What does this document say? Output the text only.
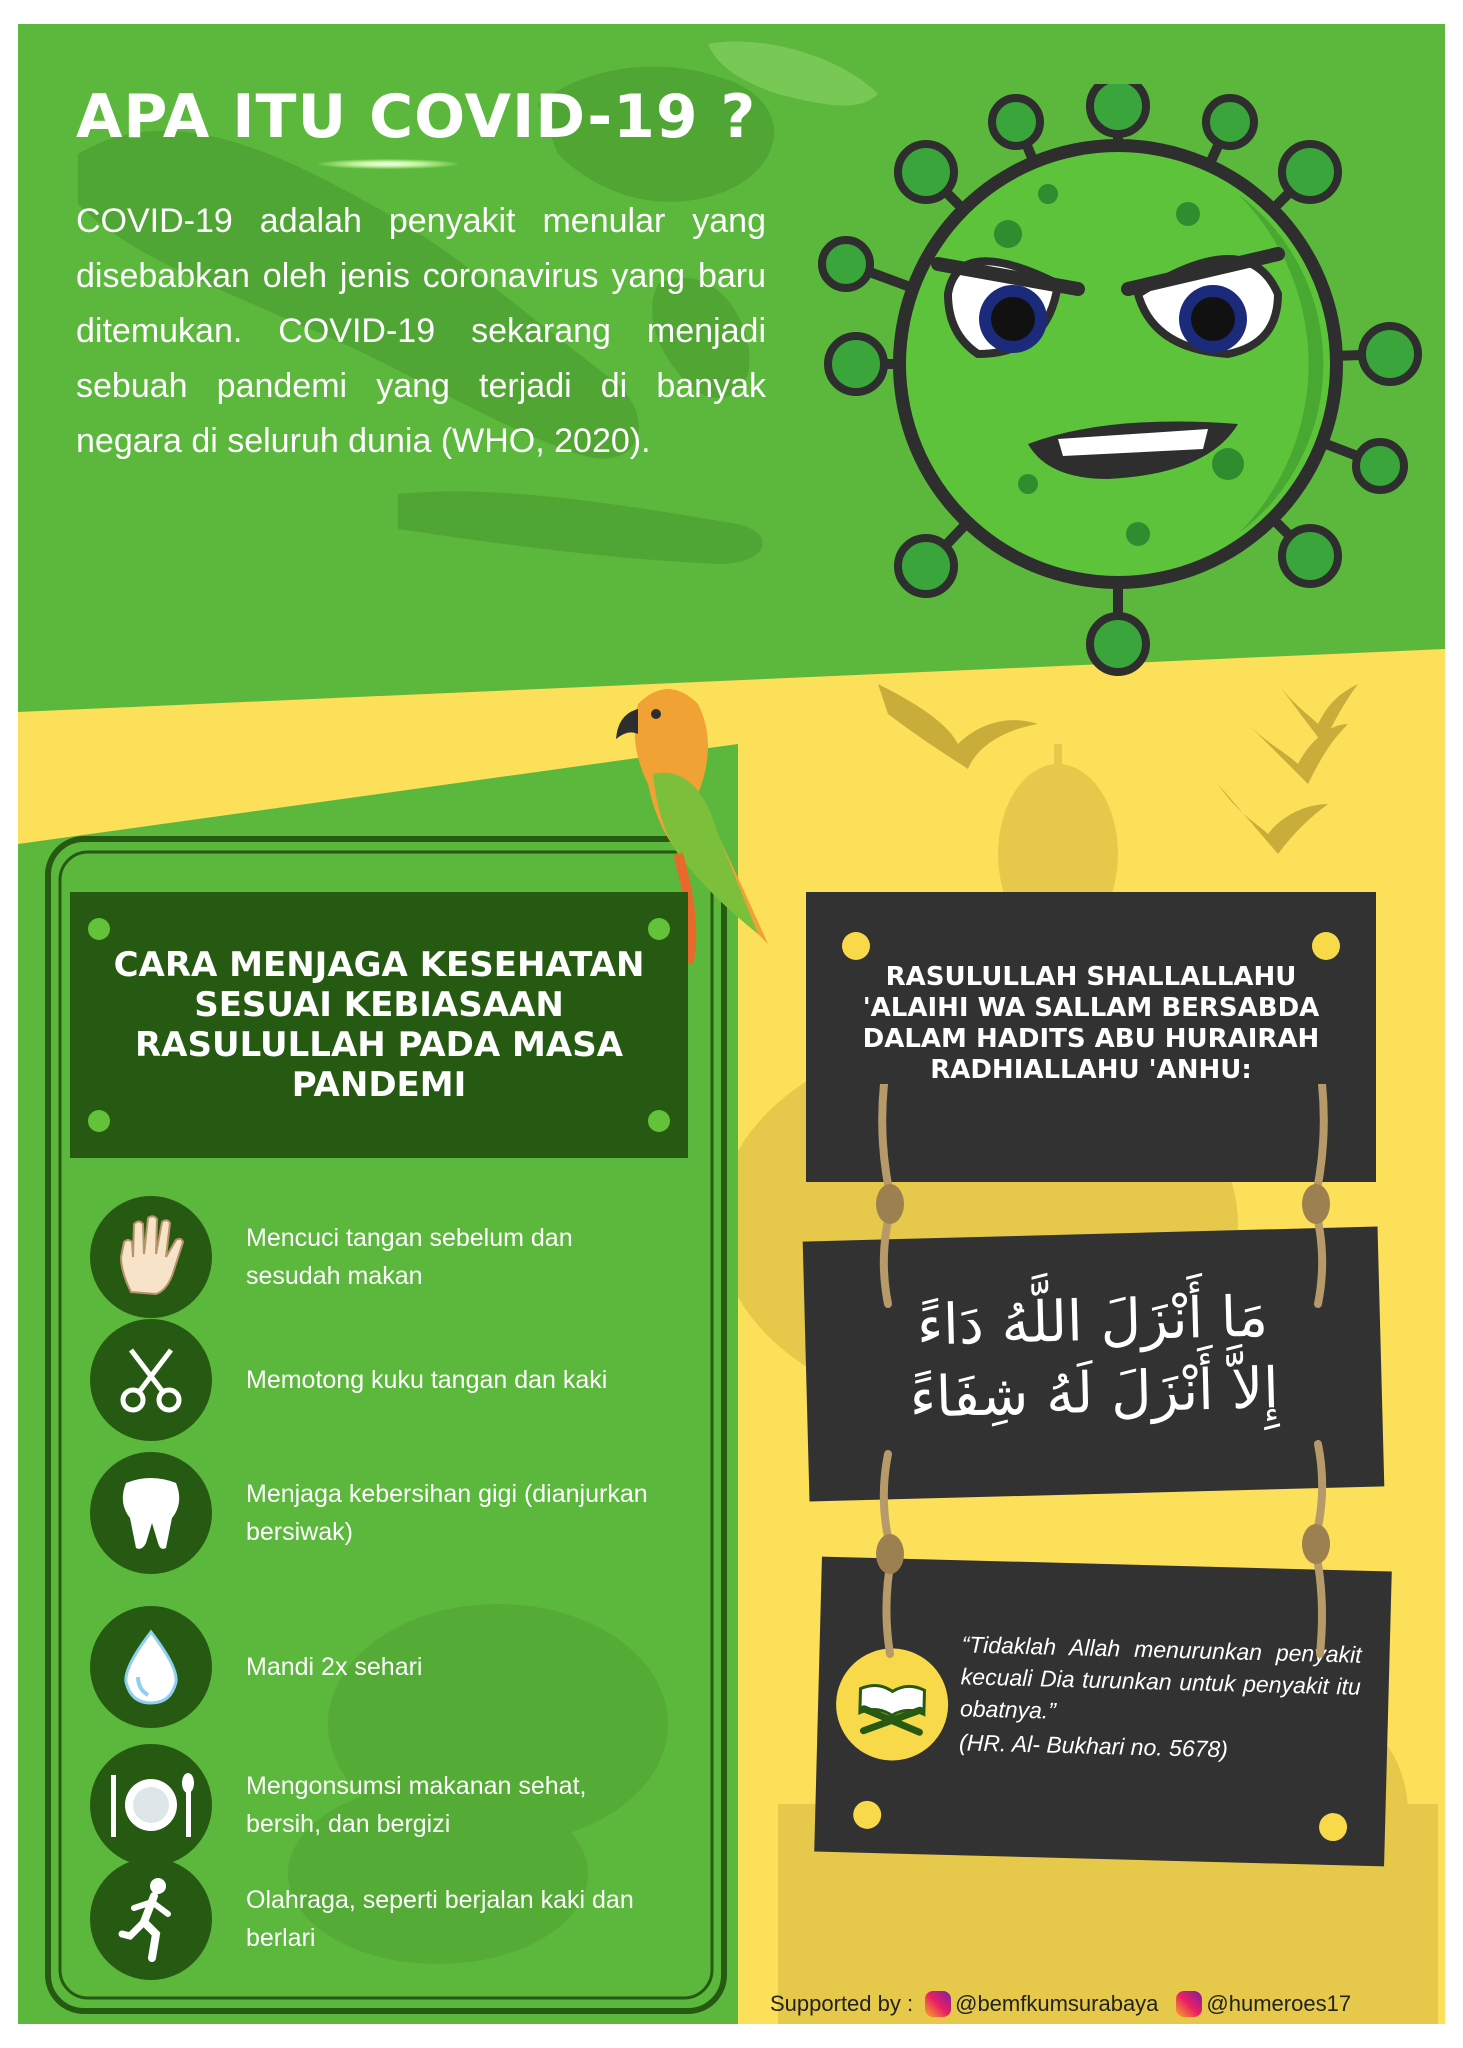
APA ITU COVID-19 ?

COVID-19 adalah penyakit menular yang disebabkan oleh jenis coronavirus yang baru ditemukan. COVID-19 sekarang menjadi sebuah pandemi yang terjadi di banyak negara di seluruh dunia (WHO, 2020).

CARA MENJAGA KESEHATAN SESUAI KEBIASAAN RASULULLAH PADA MASA PANDEMI
Mencuci tangan sebelum dan sesudah makan
Memotong kuku tangan dan kaki
Menjaga kebersihan gigi (dianjurkan bersiwak)
Mandi 2x sehari
Mengonsumsi makanan sehat, bersih, dan bergizi
Olahraga, seperti berjalan kaki dan berlari

RASULULLAH SHALLALLAHU 'ALAIHI WA SALLAM BERSABDA DALAM HADITS ABU HURAIRAH RADHIALLAHU 'ANHU:

مَا أَنْزَلَ اللَّهُ دَاءً
إِلاَّ أَنْزَلَ لَهُ شِفَاءً
“Tidaklah Allah menurunkan penyakit kecuali Dia turunkan untuk penyakit itu obatnya.”
(HR. Al- Bukhari no. 5678)
Supported by : @bemfkumsurabaya @humeroes17
